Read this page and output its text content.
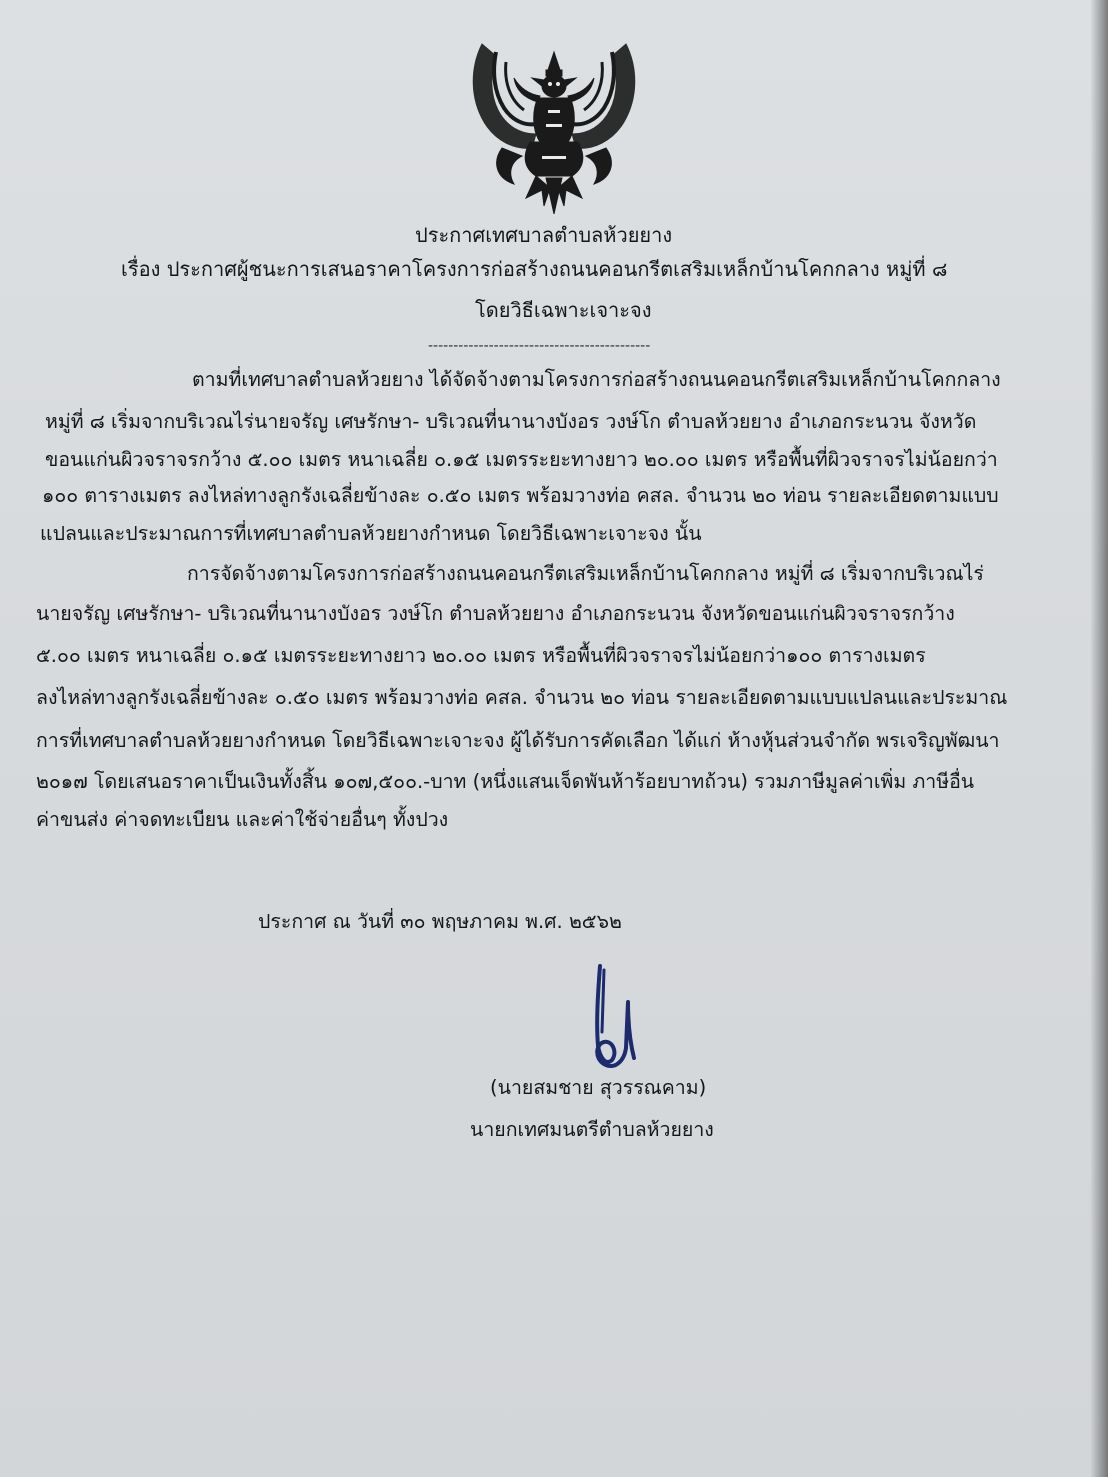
ประกาศเทศบาลตำบลห้วยยาง
เรื่อง ประกาศผู้ชนะการเสนอราคาโครงการก่อสร้างถนนคอนกรีตเสริมเหล็กบ้านโคกกลาง หมู่ที่ ๘
โดยวิธีเฉพาะเจาะจง
--------------------------------------------
ตามที่เทศบาลตำบลห้วยยาง ได้จัดจ้างตามโครงการก่อสร้างถนนคอนกรีตเสริมเหล็กบ้านโคกกลาง
หมู่ที่ ๘ เริ่มจากบริเวณไร่นายจรัญ เศษรักษา- บริเวณที่นานางบังอร วงษ์โก ตำบลห้วยยาง อำเภอกระนวน จังหวัด
ขอนแก่นผิวจราจรกว้าง ๕.๐๐ เมตร หนาเฉลี่ย ๐.๑๕ เมตรระยะทางยาว ๒๐.๐๐ เมตร หรือพื้นที่ผิวจราจรไม่น้อยกว่า
๑๐๐ ตารางเมตร ลงไหล่ทางลูกรังเฉลี่ยข้างละ ๐.๕๐ เมตร พร้อมวางท่อ คสล. จำนวน ๒๐ ท่อน รายละเอียดตามแบบ
แปลนและประมาณการที่เทศบาลตำบลห้วยยางกำหนด โดยวิธีเฉพาะเจาะจง นั้น
การจัดจ้างตามโครงการก่อสร้างถนนคอนกรีตเสริมเหล็กบ้านโคกกลาง หมู่ที่ ๘ เริ่มจากบริเวณไร่
นายจรัญ เศษรักษา- บริเวณที่นานางบังอร วงษ์โก ตำบลห้วยยาง อำเภอกระนวน จังหวัดขอนแก่นผิวจราจรกว้าง
๕.๐๐ เมตร หนาเฉลี่ย ๐.๑๕ เมตรระยะทางยาว ๒๐.๐๐ เมตร หรือพื้นที่ผิวจราจรไม่น้อยกว่า๑๐๐ ตารางเมตร
ลงไหล่ทางลูกรังเฉลี่ยข้างละ ๐.๕๐ เมตร พร้อมวางท่อ คสล. จำนวน ๒๐ ท่อน รายละเอียดตามแบบแปลนและประมาณ
การที่เทศบาลตำบลห้วยยางกำหนด โดยวิธีเฉพาะเจาะจง ผู้ได้รับการคัดเลือก ได้แก่ ห้างหุ้นส่วนจำกัด พรเจริญพัฒนา
๒๐๑๗ โดยเสนอราคาเป็นเงินทั้งสิ้น ๑๐๗,๕๐๐.-บาท (หนึ่งแสนเจ็ดพันห้าร้อยบาทถ้วน) รวมภาษีมูลค่าเพิ่ม ภาษีอื่น
ค่าขนส่ง ค่าจดทะเบียน และค่าใช้จ่ายอื่นๆ ทั้งปวง
ประกาศ ณ วันที่ ๓๐ พฤษภาคม พ.ศ. ๒๕๖๒
(นายสมชาย สุวรรณคาม)
นายกเทศมนตรีตำบลห้วยยาง
